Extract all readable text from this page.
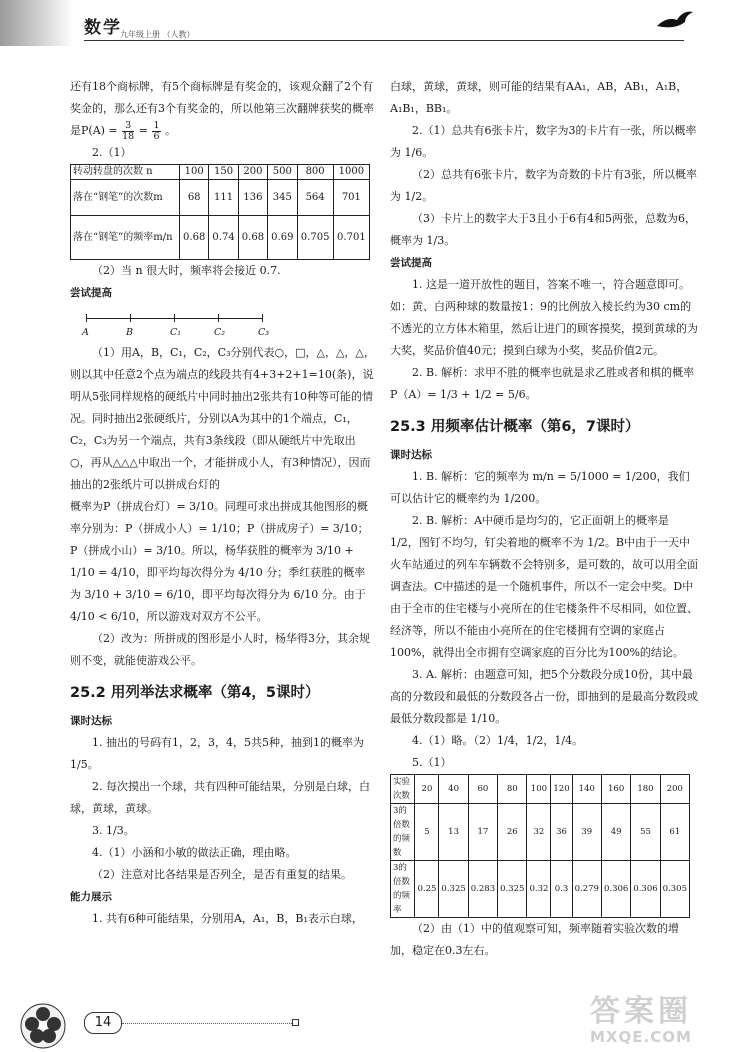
数学
九年级上册 （人教）

还有18个商标牌，有5个商标牌是有奖金的，该观众翻了2个有奖金的，那么还有3个有奖金的，所以他第三次翻牌获奖的概率是$P(A) = \frac{3}{18} = \frac{1}{6}$ 。

2.（1）

转动转盘的次数 n	100	150	200	500	800	1000
落在“钢笔”的次数m	68	111	136	345	564	701
落在“钢笔”的频率m/n	0.68	0.74	0.68	0.69	0.705	0.701

（2）当 n 很大时，频率将会接近 0.7.

尝试提高

A	B	C₁	C₂	C₃

（1）用A，B，C₁，C₂，C₃分别代表○，□，△，△，△，则以其中任意2个点为端点的线段共有4+3+2+1=10(条)，说明从5张同样规格的硬纸片中同时抽出2张共有10种等可能的情况。同时抽出2张硬纸片，分别以A为其中的1个端点，C₁，C₂，C₃为另一个端点，共有3条线段（即从硬纸片中先取出○，再从△△△中取出一个，才能拼成小人，有3种情况），因而抽出的2张纸片可以拼成台灯的

概率为P（拼成台灯）= 3/10。同理可求出拼成其他图形的概率分别为：P（拼成小人）= 1/10；P（拼成房子）= 3/10；

P（拼成小山）= 3/10。所以，杨华获胜的概率为 3/10 + 1/10 = 4/10，即平均每次得分为 4/10 分；季红获胜的概率为 3/10 + 3/10 = 6/10，即平均每次得分为 6/10 分。由于 4/10 < 6/10，所以游戏对双方不公平。

（2）改为：所拼成的图形是小人时，杨华得3分，其余规则不变，就能使游戏公平。

25.2 用列举法求概率（第4，5课时）

课时达标

1. 抽出的号码有1，2，3，4，5共5种，抽到1的概率为 1/5。

2. 每次摸出一个球，共有四种可能结果，分别是白球，白球，黄球，黄球。

3. 1/3。

4.（1）小涵和小敏的做法正确，理由略。

（2）注意对比各结果是否列全，是否有重复的结果。

能力展示

1. 共有6种可能结果，分别用A，A₁，B，B₁表示白球，

白球，黄球，黄球，则可能的结果有AA₁，AB，AB₁，A₁B，A₁B₁，BB₁。

2.（1）总共有6张卡片，数字为3的卡片有一张，所以概率为 1/6。

（2）总共有6张卡片，数字为奇数的卡片有3张，所以概率为 1/2。

（3）卡片上的数字大于3且小于6有4和5两张，总数为6，概率为 1/3。

尝试提高

1. 这是一道开放性的题目，答案不唯一，符合题意即可。如：黄、白两种球的数量按1：9的比例放入棱长约为30 cm的不透光的立方体木箱里，然后让进门的顾客摸奖，摸到黄球的为大奖，奖品价值40元；摸到白球为小奖，奖品价值2元。

2. B. 解析：求甲不胜的概率也就是求乙胜或者和棋的概率 P（A）= 1/3 + 1/2 = 5/6。

25.3 用频率估计概率（第6，7课时）

课时达标

1. B. 解析：它的频率为 m/n = 5/1000 = 1/200，我们可以估计它的概率约为 1/200。

2. B. 解析：A中硬币是均匀的，它正面朝上的概率是 1/2，图钉不均匀，钉尖着地的概率不为 1/2。B中由于一天中火车站通过的列车车辆数不会特别多，是可数的，故可以用全面调查法。C中描述的是一个随机事件，所以不一定会中奖。D中由于全市的住宅楼与小亮所在的住宅楼条件不尽相同，如位置、经济等，所以不能由小亮所在的住宅楼拥有空调的家庭占100%，就得出全市拥有空调家庭的百分比为100%的结论。

3. A. 解析：由题意可知，把5个分数段分成10份，其中最高的分数段和最低的分数段各占一份，即抽到的是最高分数段或最低分数段都是 1/10。

4.（1）略。（2）1/4，1/2，1/4。

5.（1）

实验次数	20	40	60	80	100	120	140	160	180	200
3的倍数的频数	5	13	17	26	32	36	39	49	55	61
3的倍数的频率	0.25	0.325	0.283	0.325	0.32	0.3	0.279	0.306	0.306	0.305

（2）由（1）中的值观察可知，频率随着实验次数的增加，稳定在0.3左右。

14	答案圈
MXQE.COM
